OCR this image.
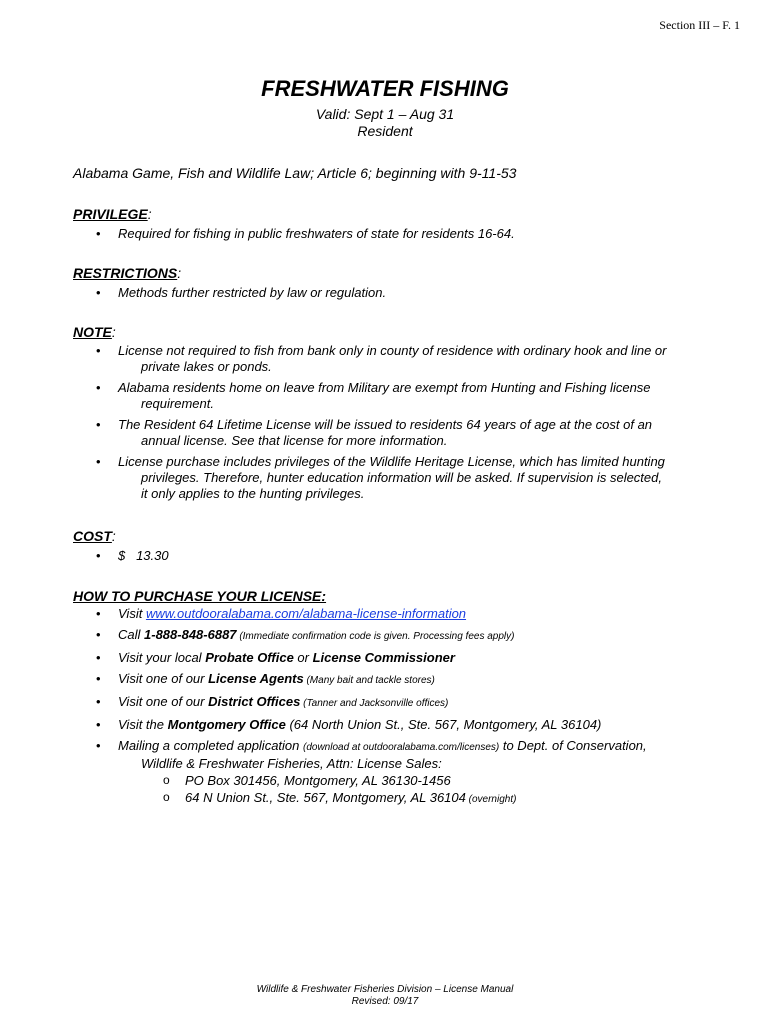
Section III – F. 1
FRESHWATER FISHING
Valid: Sept 1 – Aug 31
Resident
Alabama Game, Fish and Wildlife Law; Article 6; beginning with 9-11-53
PRIVILEGE:
• Required for fishing in public freshwaters of state for residents 16-64.
RESTRICTIONS:
• Methods further restricted by law or regulation.
NOTE:
• License not required to fish from bank only in county of residence with ordinary hook and line or
private lakes or ponds.
• Alabama residents home on leave from Military are exempt from Hunting and Fishing license
requirement.
• The Resident 64 Lifetime License will be issued to residents 64 years of age at the cost of an
annual license. See that license for more information.
• License purchase includes privileges of the Wildlife Heritage License, which has limited hunting
privileges. Therefore, hunter education information will be asked. If supervision is selected,
it only applies to the hunting privileges.
COST:
• $ 13.30
HOW TO PURCHASE YOUR LICENSE:
• Visit www.outdooralabama.com/alabama-license-information
• Call 1-888-848-6887 (Immediate confirmation code is given. Processing fees apply)
• Visit your local Probate Office or License Commissioner
• Visit one of our License Agents (Many bait and tackle stores)
• Visit one of our District Offices (Tanner and Jacksonville offices)
• Visit the Montgomery Office (64 North Union St., Ste. 567, Montgomery, AL 36104)
• Mailing a completed application (download at outdooralabama.com/licenses) to Dept. of Conservation,
Wildlife & Freshwater Fisheries, Attn: License Sales:
o PO Box 301456, Montgomery, AL 36130-1456
o 64 N Union St., Ste. 567, Montgomery, AL 36104 (overnight)
Wildlife & Freshwater Fisheries Division – License Manual
Revised: 09/17
